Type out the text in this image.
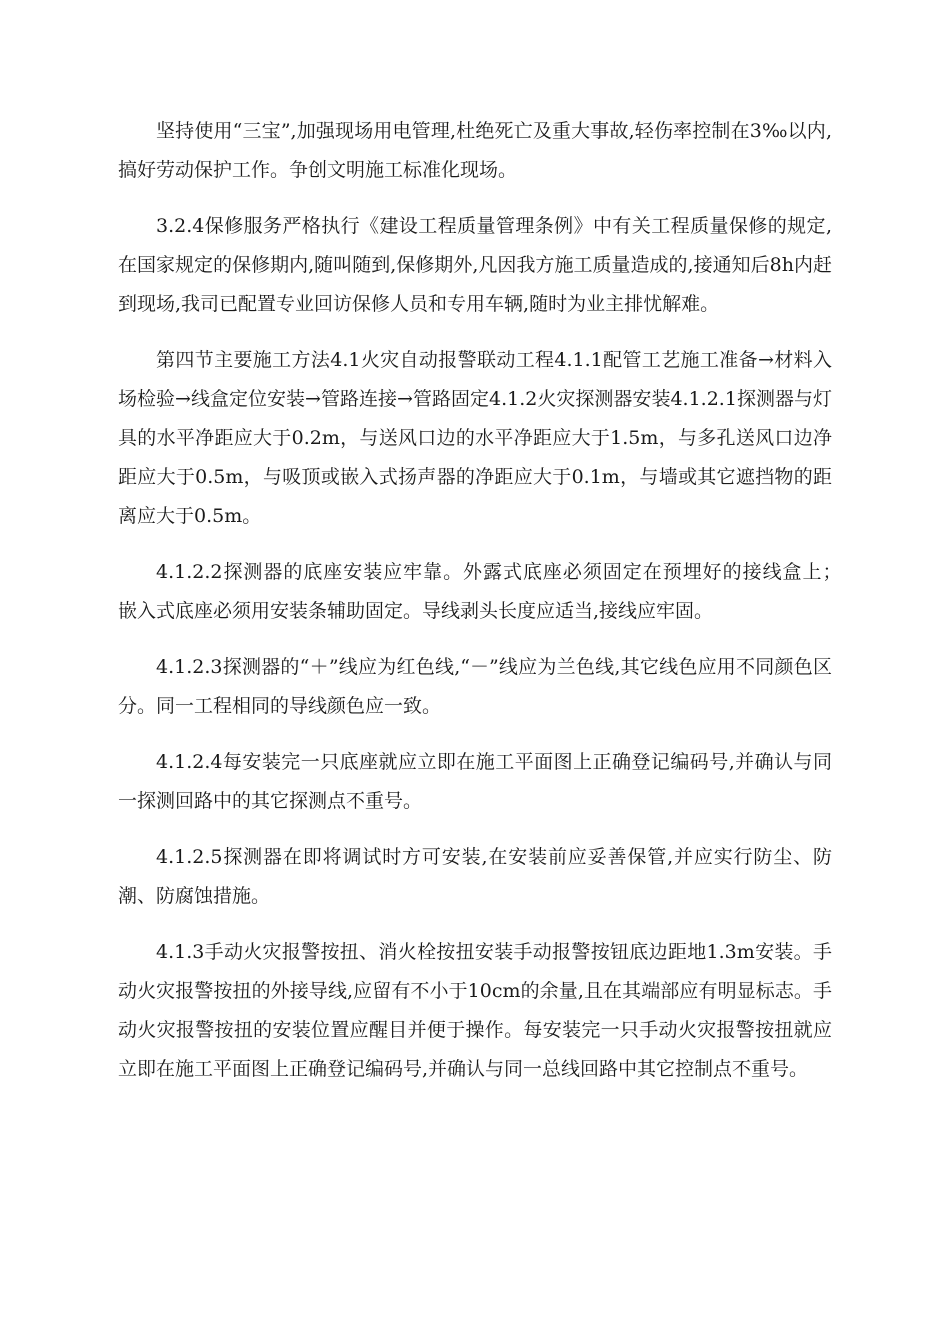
坚持使用“三宝”,加强现场用电管理,杜绝死亡及重大事故,轻伤率控制在3‰以内,搞好劳动保护工作。争创文明施工标准化现场。

3.2.4保修服务严格执行《建设工程质量管理条例》中有关工程质量保修的规定,在国家规定的保修期内,随叫随到,保修期外,凡因我方施工质量造成的,接通知后8h内赶到现场,我司已配置专业回访保修人员和专用车辆,随时为业主排忧解难。

第四节主要施工方法4.1火灾自动报警联动工程4.1.1配管工艺施工准备→材料入场检验→线盒定位安装→管路连接→管路固定4.1.2火灾探测器安装4.1.2.1探测器与灯具的水平净距应大于0.2m，与送风口边的水平净距应大于1.5m，与多孔送风口边净距应大于0.5m，与吸顶或嵌入式扬声器的净距应大于0.1m，与墙或其它遮挡物的距离应大于0.5m。

4.1.2.2探测器的底座安装应牢靠。外露式底座必须固定在预埋好的接线盒上；　嵌入式底座必须用安装条辅助固定。导线剥头长度应适当,接线应牢固。

4.1.2.3探测器的“＋”线应为红色线,“－”线应为兰色线,其它线色应用不同颜色区分。同一工程相同的导线颜色应一致。

4.1.2.4每安装完一只底座就应立即在施工平面图上正确登记编码号,并确认与同一探测回路中的其它探测点不重号。

4.1.2.5探测器在即将调试时方可安装,在安装前应妥善保管,并应实行防尘、防潮、防腐蚀措施。

4.1.3手动火灾报警按扭、消火栓按扭安装手动报警按钮底边距地1.3m安装。手动火灾报警按扭的外接导线,应留有不小于10cm的余量,且在其端部应有明显标志。手动火灾报警按扭的安装位置应醒目并便于操作。每安装完一只手动火灾报警按扭就应立即在施工平面图上正确登记编码号,并确认与同一总线回路中其它控制点不重号。
